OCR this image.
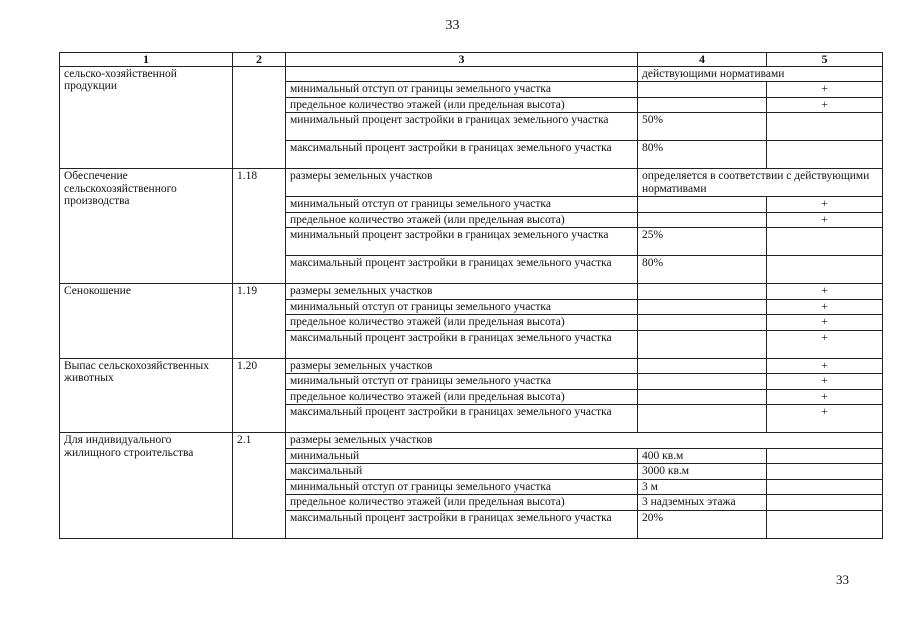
33
1	2	3	4	5
сельско-хозяйственной продукции			действующими нормативами	
		минимальный отступ от границы земельного участка		+
		предельное количество этажей (или предельная высота)		+
		минимальный процент застройки в границах земельного участка	50%	
		максимальный процент застройки в границах земельного участка	80%	
Обеспечение сельскохозяйственного производства	1.18	размеры земельных участков	определяется в соответствии с действующими нормативами	
		минимальный отступ от границы земельного участка		+
		предельное количество этажей (или предельная высота)		+
		минимальный процент застройки в границах земельного участка	25%	
		максимальный процент застройки в границах земельного участка	80%	
Сенокошение	1.19	размеры земельных участков		+
		минимальный отступ от границы земельного участка		+
		предельное количество этажей (или предельная высота)		+
		максимальный процент застройки в границах земельного участка		+
Выпас сельскохозяйственных животных	1.20	размеры земельных участков		+
		минимальный отступ от границы земельного участка		+
		предельное количество этажей (или предельная высота)		+
		максимальный процент застройки в границах земельного участка		+
Для индивидуального жилищного строительства	2.1	размеры земельных участков		
		минимальный	400 кв.м	
		максимальный	3000 кв.м	
		минимальный отступ от границы земельного участка	3 м	
		предельное количество этажей (или предельная высота)	3 надземных этажа	
		максимальный процент застройки в границах земельного участка	20%	
33
